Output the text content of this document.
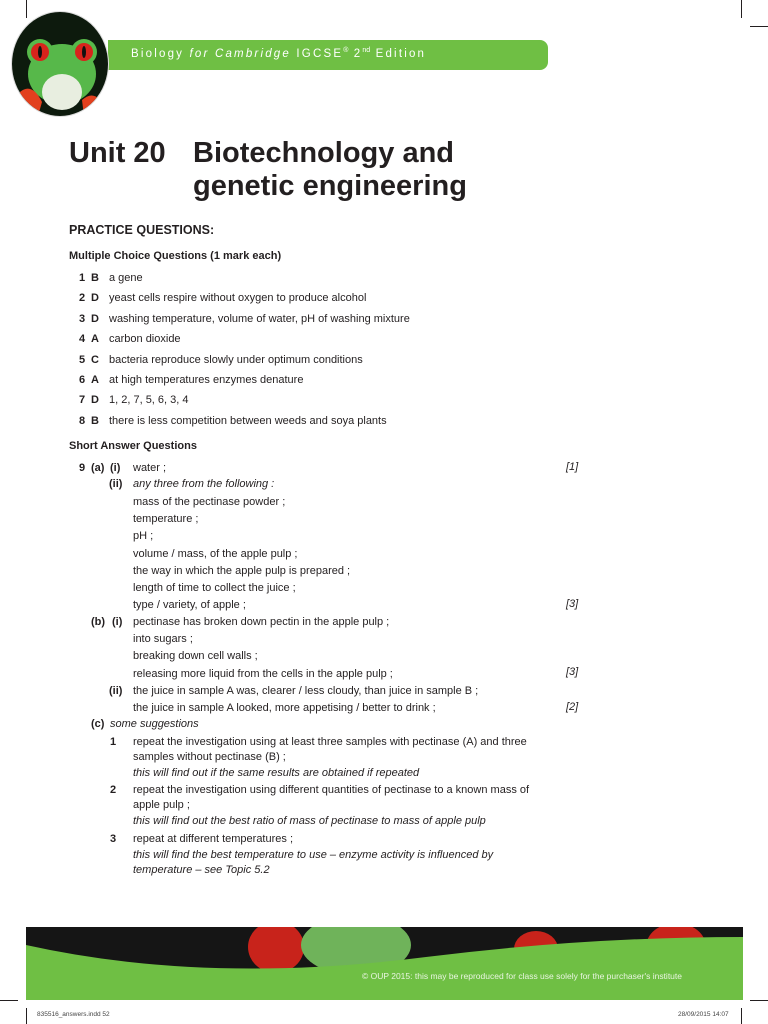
Biology for Cambridge IGCSE® 2nd Edition
Unit 20 Biotechnology and genetic engineering
PRACTICE QUESTIONS:
Multiple Choice Questions (1 mark each)
1 B a gene
2 D yeast cells respire without oxygen to produce alcohol
3 D washing temperature, volume of water, pH of washing mixture
4 A carbon dioxide
5 C bacteria reproduce slowly under optimum conditions
6 A at high temperatures enzymes denature
7 D 1, 2, 7, 5, 6, 3, 4
8 B there is less competition between weeds and soya plants
Short Answer Questions
9 (a) (i) water ;	[1]
(ii) any three from the following :
mass of the pectinase powder ;
temperature ;
pH ;
volume / mass, of the apple pulp ;
the way in which the apple pulp is prepared ;
length of time to collect the juice ;
type / variety, of apple ;	[3]
(b) (i) pectinase has broken down pectin in the apple pulp ;
into sugars ;
breaking down cell walls ;
releasing more liquid from the cells in the apple pulp ;	[3]
(ii) the juice in sample A was, clearer / less cloudy, than juice in sample B ;
the juice in sample A looked, more appetising / better to drink ;	[2]
(c) some suggestions
1 repeat the investigation using at least three samples with pectinase (A) and three
samples without pectinase (B) ;
this will find out if the same results are obtained if repeated
2 repeat the investigation using different quantities of pectinase to a known mass of
apple pulp ;
this will find out the best ratio of mass of pectinase to mass of apple pulp
3 repeat at different temperatures ;
this will find the best temperature to use – enzyme activity is influenced by
temperature – see Topic 5.2
© OUP 2015: this may be reproduced for class use solely for the purchaser's institute
835516_answers.indd 52	28/09/2015 14:07
